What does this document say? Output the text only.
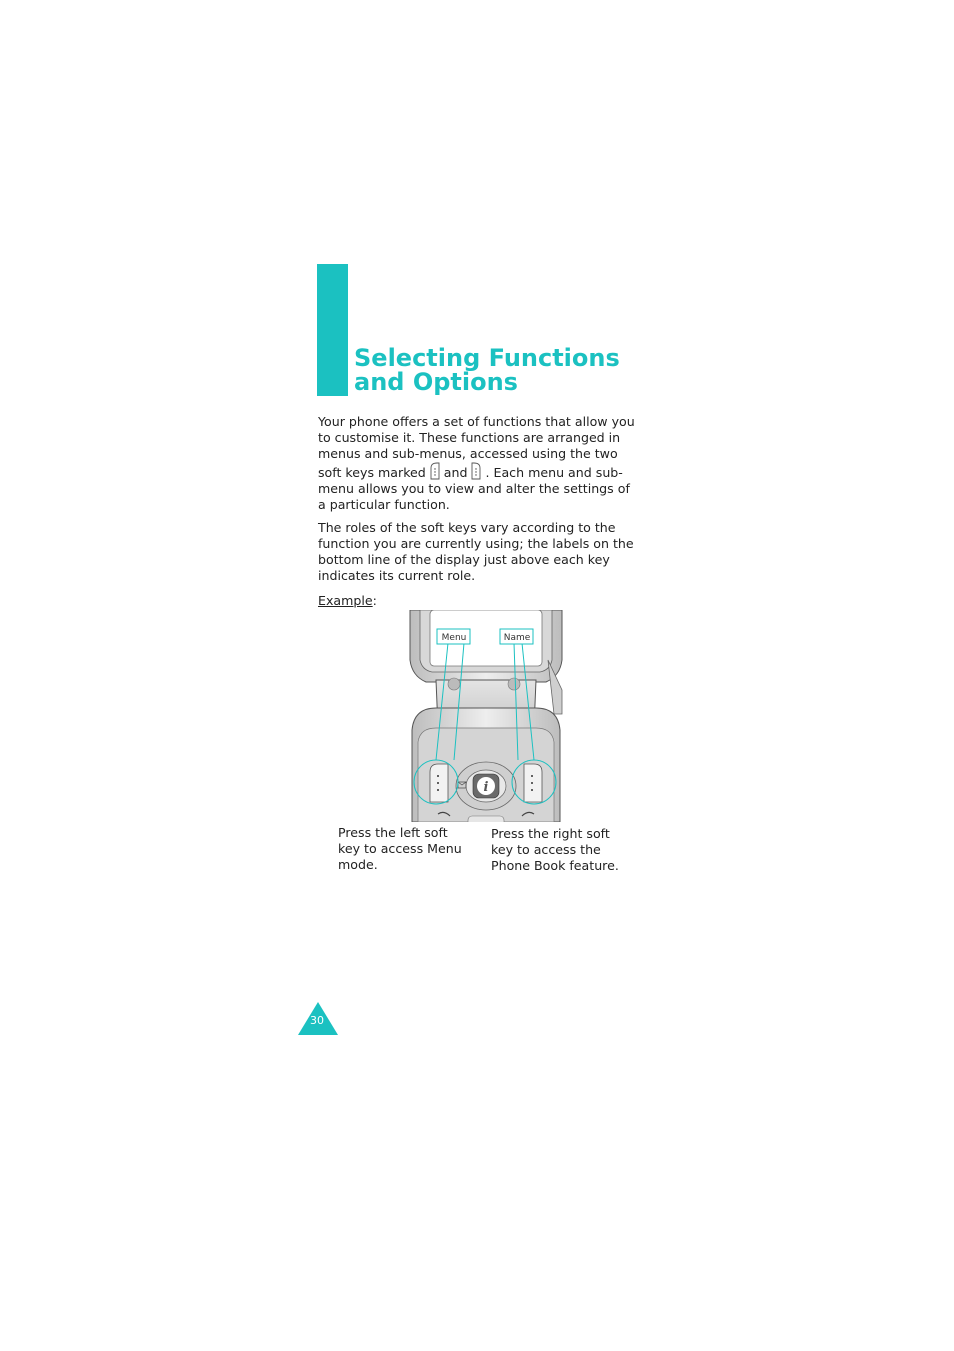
Selecting Functions
and Options

Your phone offers a set of functions that allow you to customise it. These functions are arranged in menus and sub-menus, accessed using the two soft keys marked and . Each menu and sub-menu allows you to view and alter the settings of a particular function.

The roles of the soft keys vary according to the function you are currently using; the labels on the bottom line of the display just above each key indicates its current role.

Example:
i
Menu	Name

Press the left soft key to access Menu mode.

Press the right soft key to access the Phone Book feature.

30
